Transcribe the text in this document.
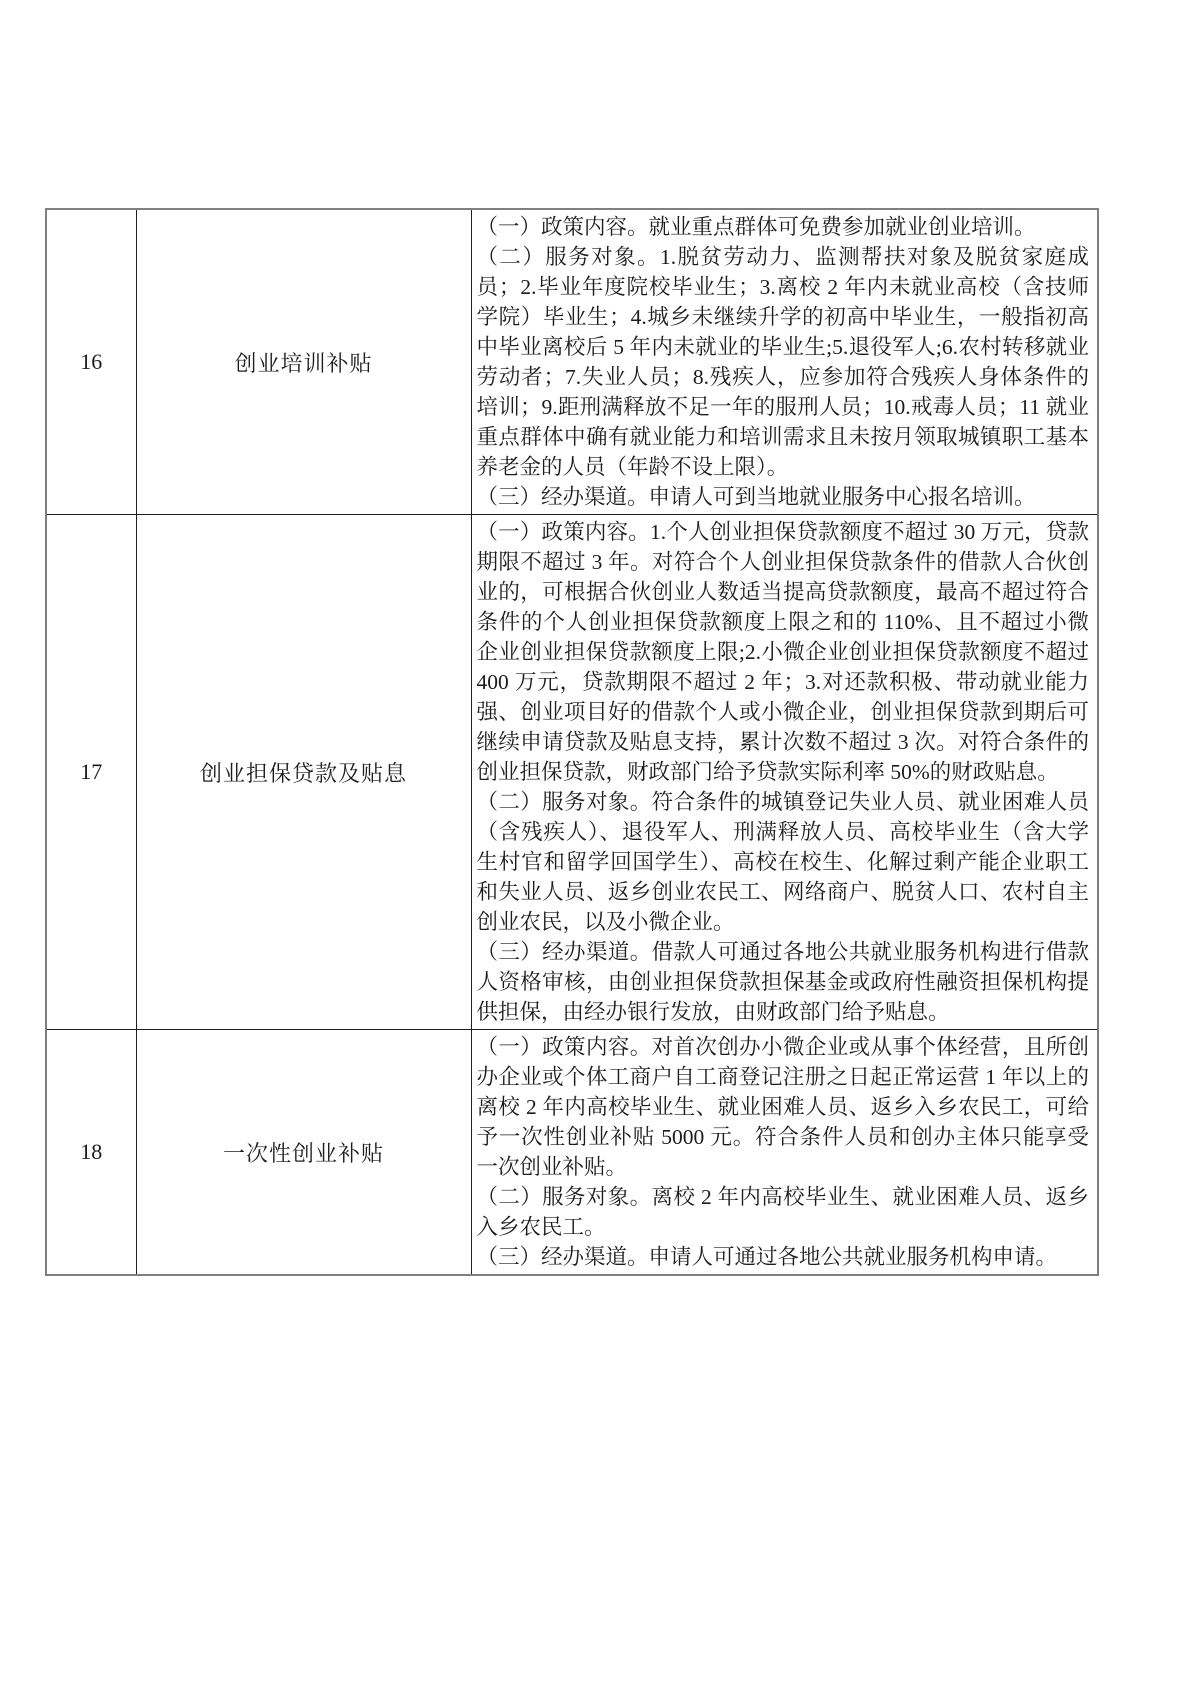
16	创业培训补贴	（一）政策内容。就业重点群体可免费参加就业创业培训。

（二）服务对象。1.脱贫劳动力、监测帮扶对象及脱贫家庭成员；2.毕业年度院校毕业生；3.离校 2 年内未就业高校（含技师学院）毕业生；4.城乡未继续升学的初高中毕业生，一般指初高中毕业离校后 5 年内未就业的毕业生;5.退役军人;6.农村转移就业劳动者；7.失业人员；8.残疾人，应参加符合残疾人身体条件的培训；9.距刑满释放不足一年的服刑人员；10.戒毒人员；11 就业重点群体中确有就业能力和培训需求且未按月领取城镇职工基本养老金的人员（年龄不设上限）。

（三）经办渠道。申请人可到当地就业服务中心报名培训。

17	创业担保贷款及贴息	（一）政策内容。1.个人创业担保贷款额度不超过 30 万元，贷款期限不超过 3 年。对符合个人创业担保贷款条件的借款人合伙创业的，可根据合伙创业人数适当提高贷款额度，最高不超过符合条件的个人创业担保贷款额度上限之和的 110%、且不超过小微企业创业担保贷款额度上限;2.小微企业创业担保贷款额度不超过 400 万元，贷款期限不超过 2 年；3.对还款积极、带动就业能力强、创业项目好的借款个人或小微企业，创业担保贷款到期后可继续申请贷款及贴息支持，累计次数不超过 3 次。对符合条件的创业担保贷款，财政部门给予贷款实际利率 50%的财政贴息。

（二）服务对象。符合条件的城镇登记失业人员、就业困难人员（含残疾人）、退役军人、刑满释放人员、高校毕业生（含大学生村官和留学回国学生）、高校在校生、化解过剩产能企业职工和失业人员、返乡创业农民工、网络商户、脱贫人口、农村自主创业农民，以及小微企业。

（三）经办渠道。借款人可通过各地公共就业服务机构进行借款人资格审核，由创业担保贷款担保基金或政府性融资担保机构提供担保，由经办银行发放，由财政部门给予贴息。

18	一次性创业补贴	（一）政策内容。对首次创办小微企业或从事个体经营，且所创办企业或个体工商户自工商登记注册之日起正常运营 1 年以上的离校 2 年内高校毕业生、就业困难人员、返乡入乡农民工，可给予一次性创业补贴 5000 元。符合条件人员和创办主体只能享受一次创业补贴。

（二）服务对象。离校 2 年内高校毕业生、就业困难人员、返乡入乡农民工。

（三）经办渠道。申请人可通过各地公共就业服务机构申请。
